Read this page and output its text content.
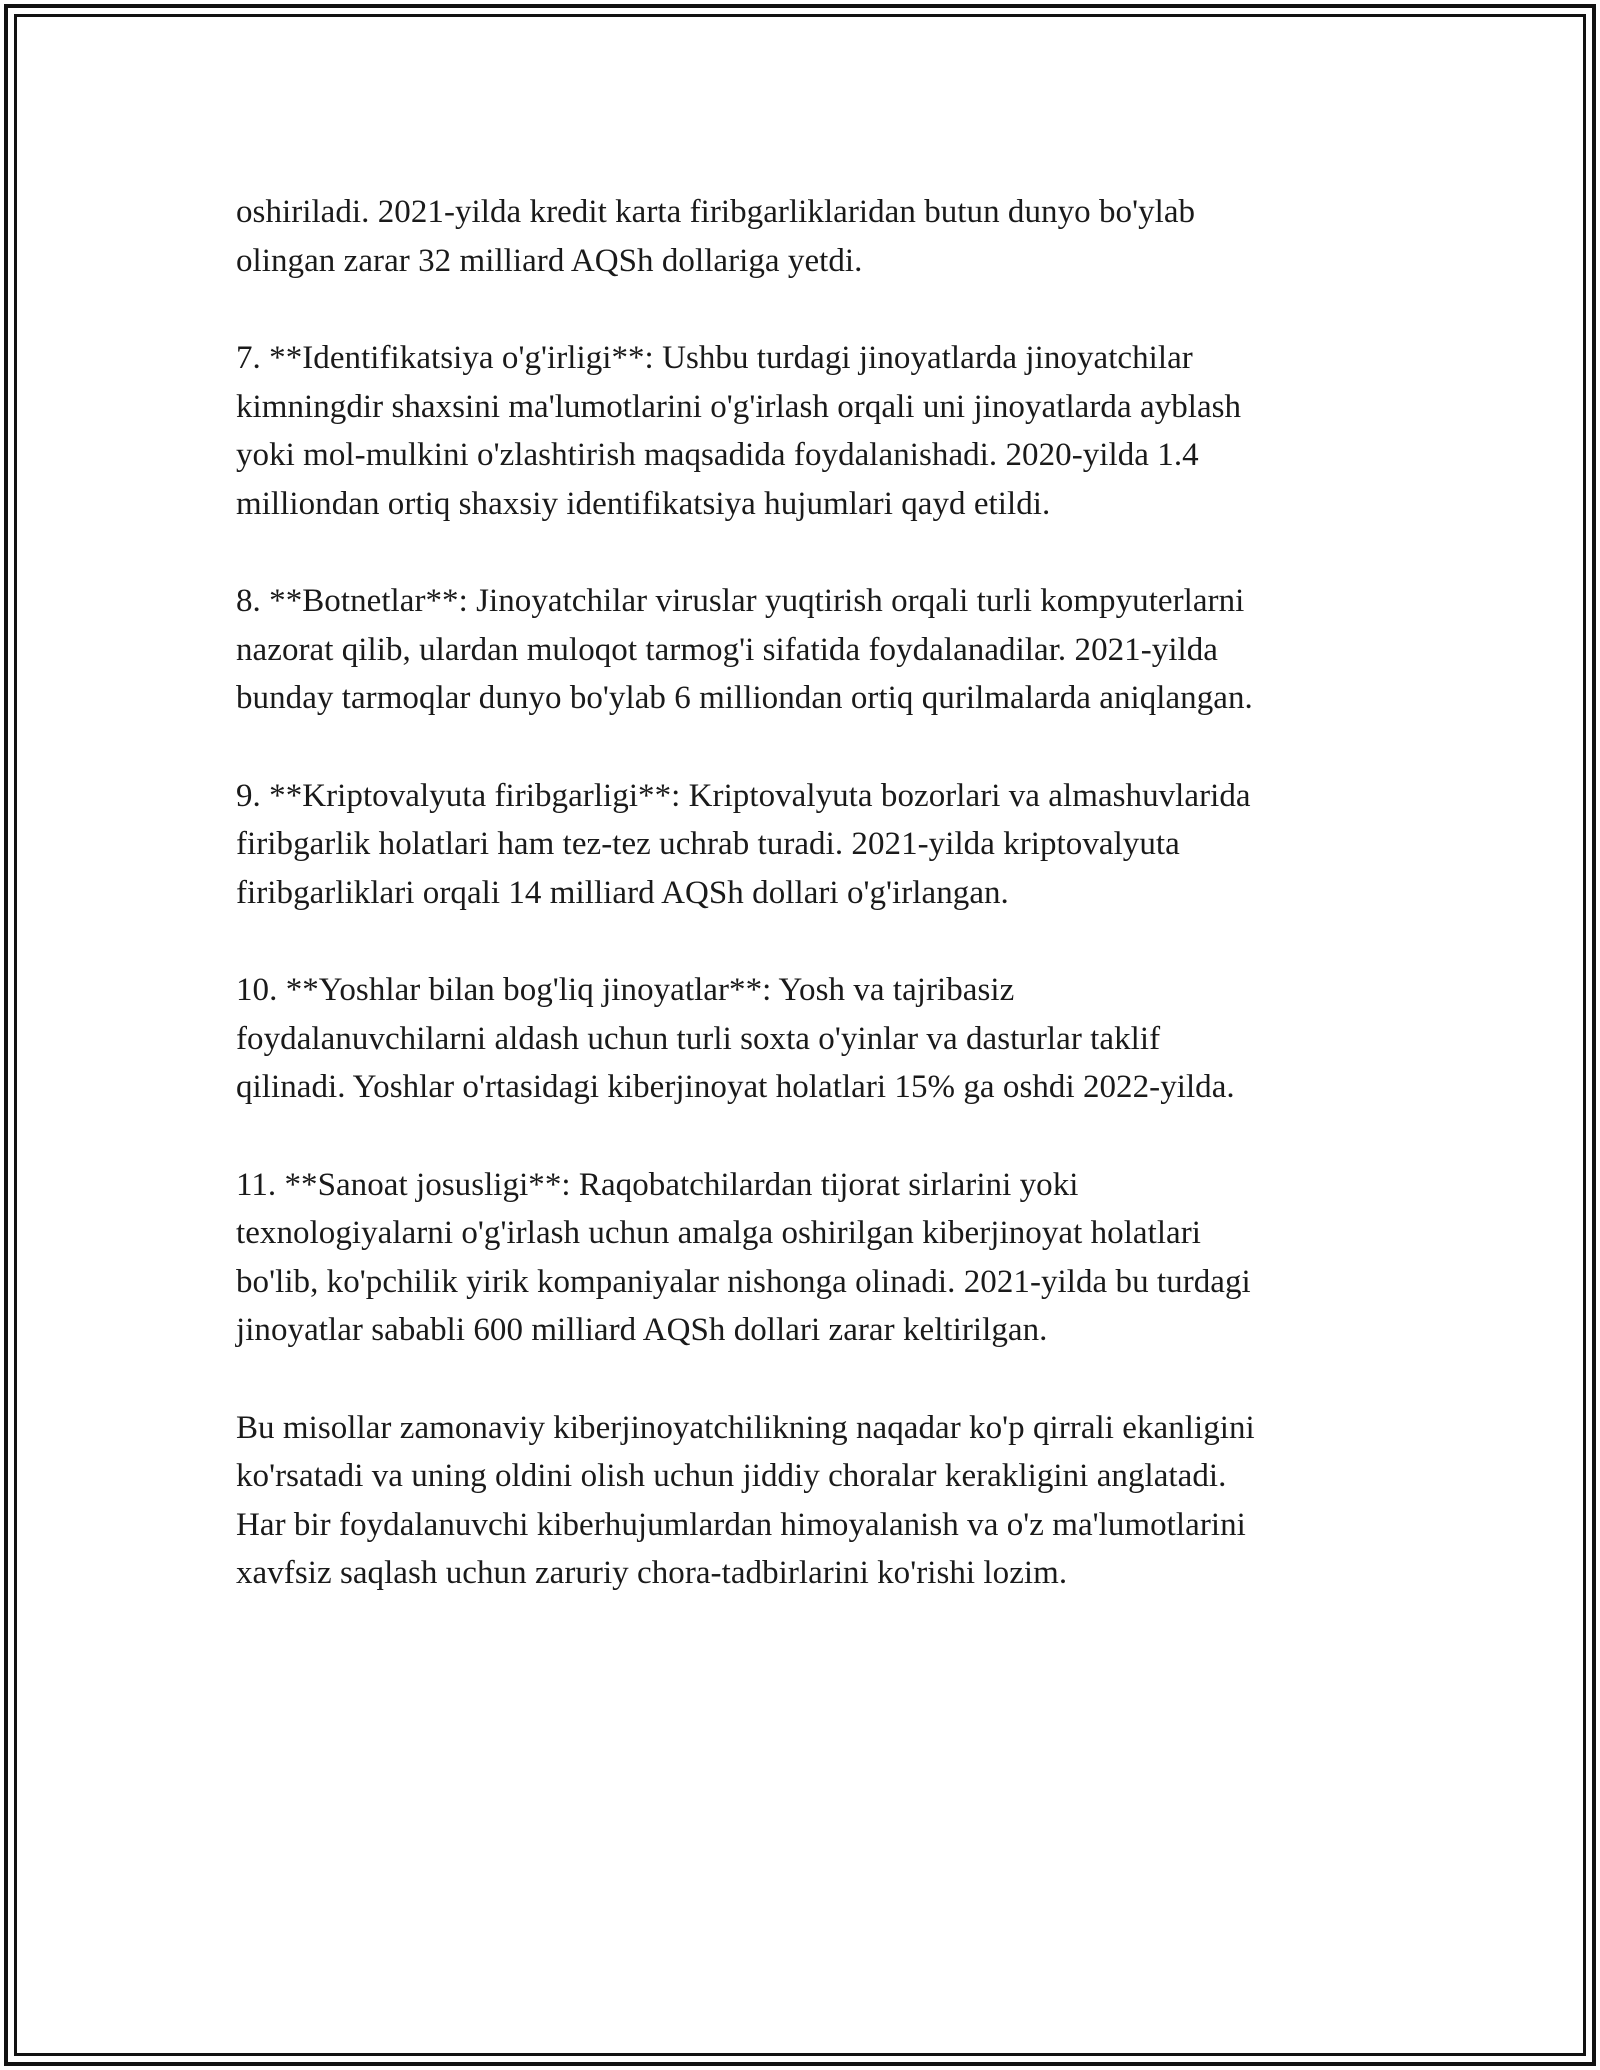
oshiriladi. 2021-yilda kredit karta firibgarliklaridan butun dunyo bo'ylab
olingan zarar 32 milliard AQSh dollariga yetdi.

7. **Identifikatsiya o'g'irligi**: Ushbu turdagi jinoyatlarda jinoyatchilar
kimningdir shaxsini ma'lumotlarini o'g'irlash orqali uni jinoyatlarda ayblash
yoki mol-mulkini o'zlashtirish maqsadida foydalanishadi. 2020-yilda 1.4
milliondan ortiq shaxsiy identifikatsiya hujumlari qayd etildi.

8. **Botnetlar**: Jinoyatchilar viruslar yuqtirish orqali turli kompyuterlarni
nazorat qilib, ulardan muloqot tarmog'i sifatida foydalanadilar. 2021-yilda
bunday tarmoqlar dunyo bo'ylab 6 milliondan ortiq qurilmalarda aniqlangan.

9. **Kriptovalyuta firibgarligi**: Kriptovalyuta bozorlari va almashuvlarida
firibgarlik holatlari ham tez-tez uchrab turadi. 2021-yilda kriptovalyuta
firibgarliklari orqali 14 milliard AQSh dollari o'g'irlangan.

10. **Yoshlar bilan bog'liq jinoyatlar**: Yosh va tajribasiz
foydalanuvchilarni aldash uchun turli soxta o'yinlar va dasturlar taklif
qilinadi. Yoshlar o'rtasidagi kiberjinoyat holatlari 15% ga oshdi 2022-yilda.

11. **Sanoat josusligi**: Raqobatchilardan tijorat sirlarini yoki
texnologiyalarni o'g'irlash uchun amalga oshirilgan kiberjinoyat holatlari
bo'lib, ko'pchilik yirik kompaniyalar nishonga olinadi. 2021-yilda bu turdagi
jinoyatlar sababli 600 milliard AQSh dollari zarar keltirilgan.

Bu misollar zamonaviy kiberjinoyatchilikning naqadar ko'p qirrali ekanligini
ko'rsatadi va uning oldini olish uchun jiddiy choralar kerakligini anglatadi.
Har bir foydalanuvchi kiberhujumlardan himoyalanish va o'z ma'lumotlarini
xavfsiz saqlash uchun zaruriy chora-tadbirlarini ko'rishi lozim.
